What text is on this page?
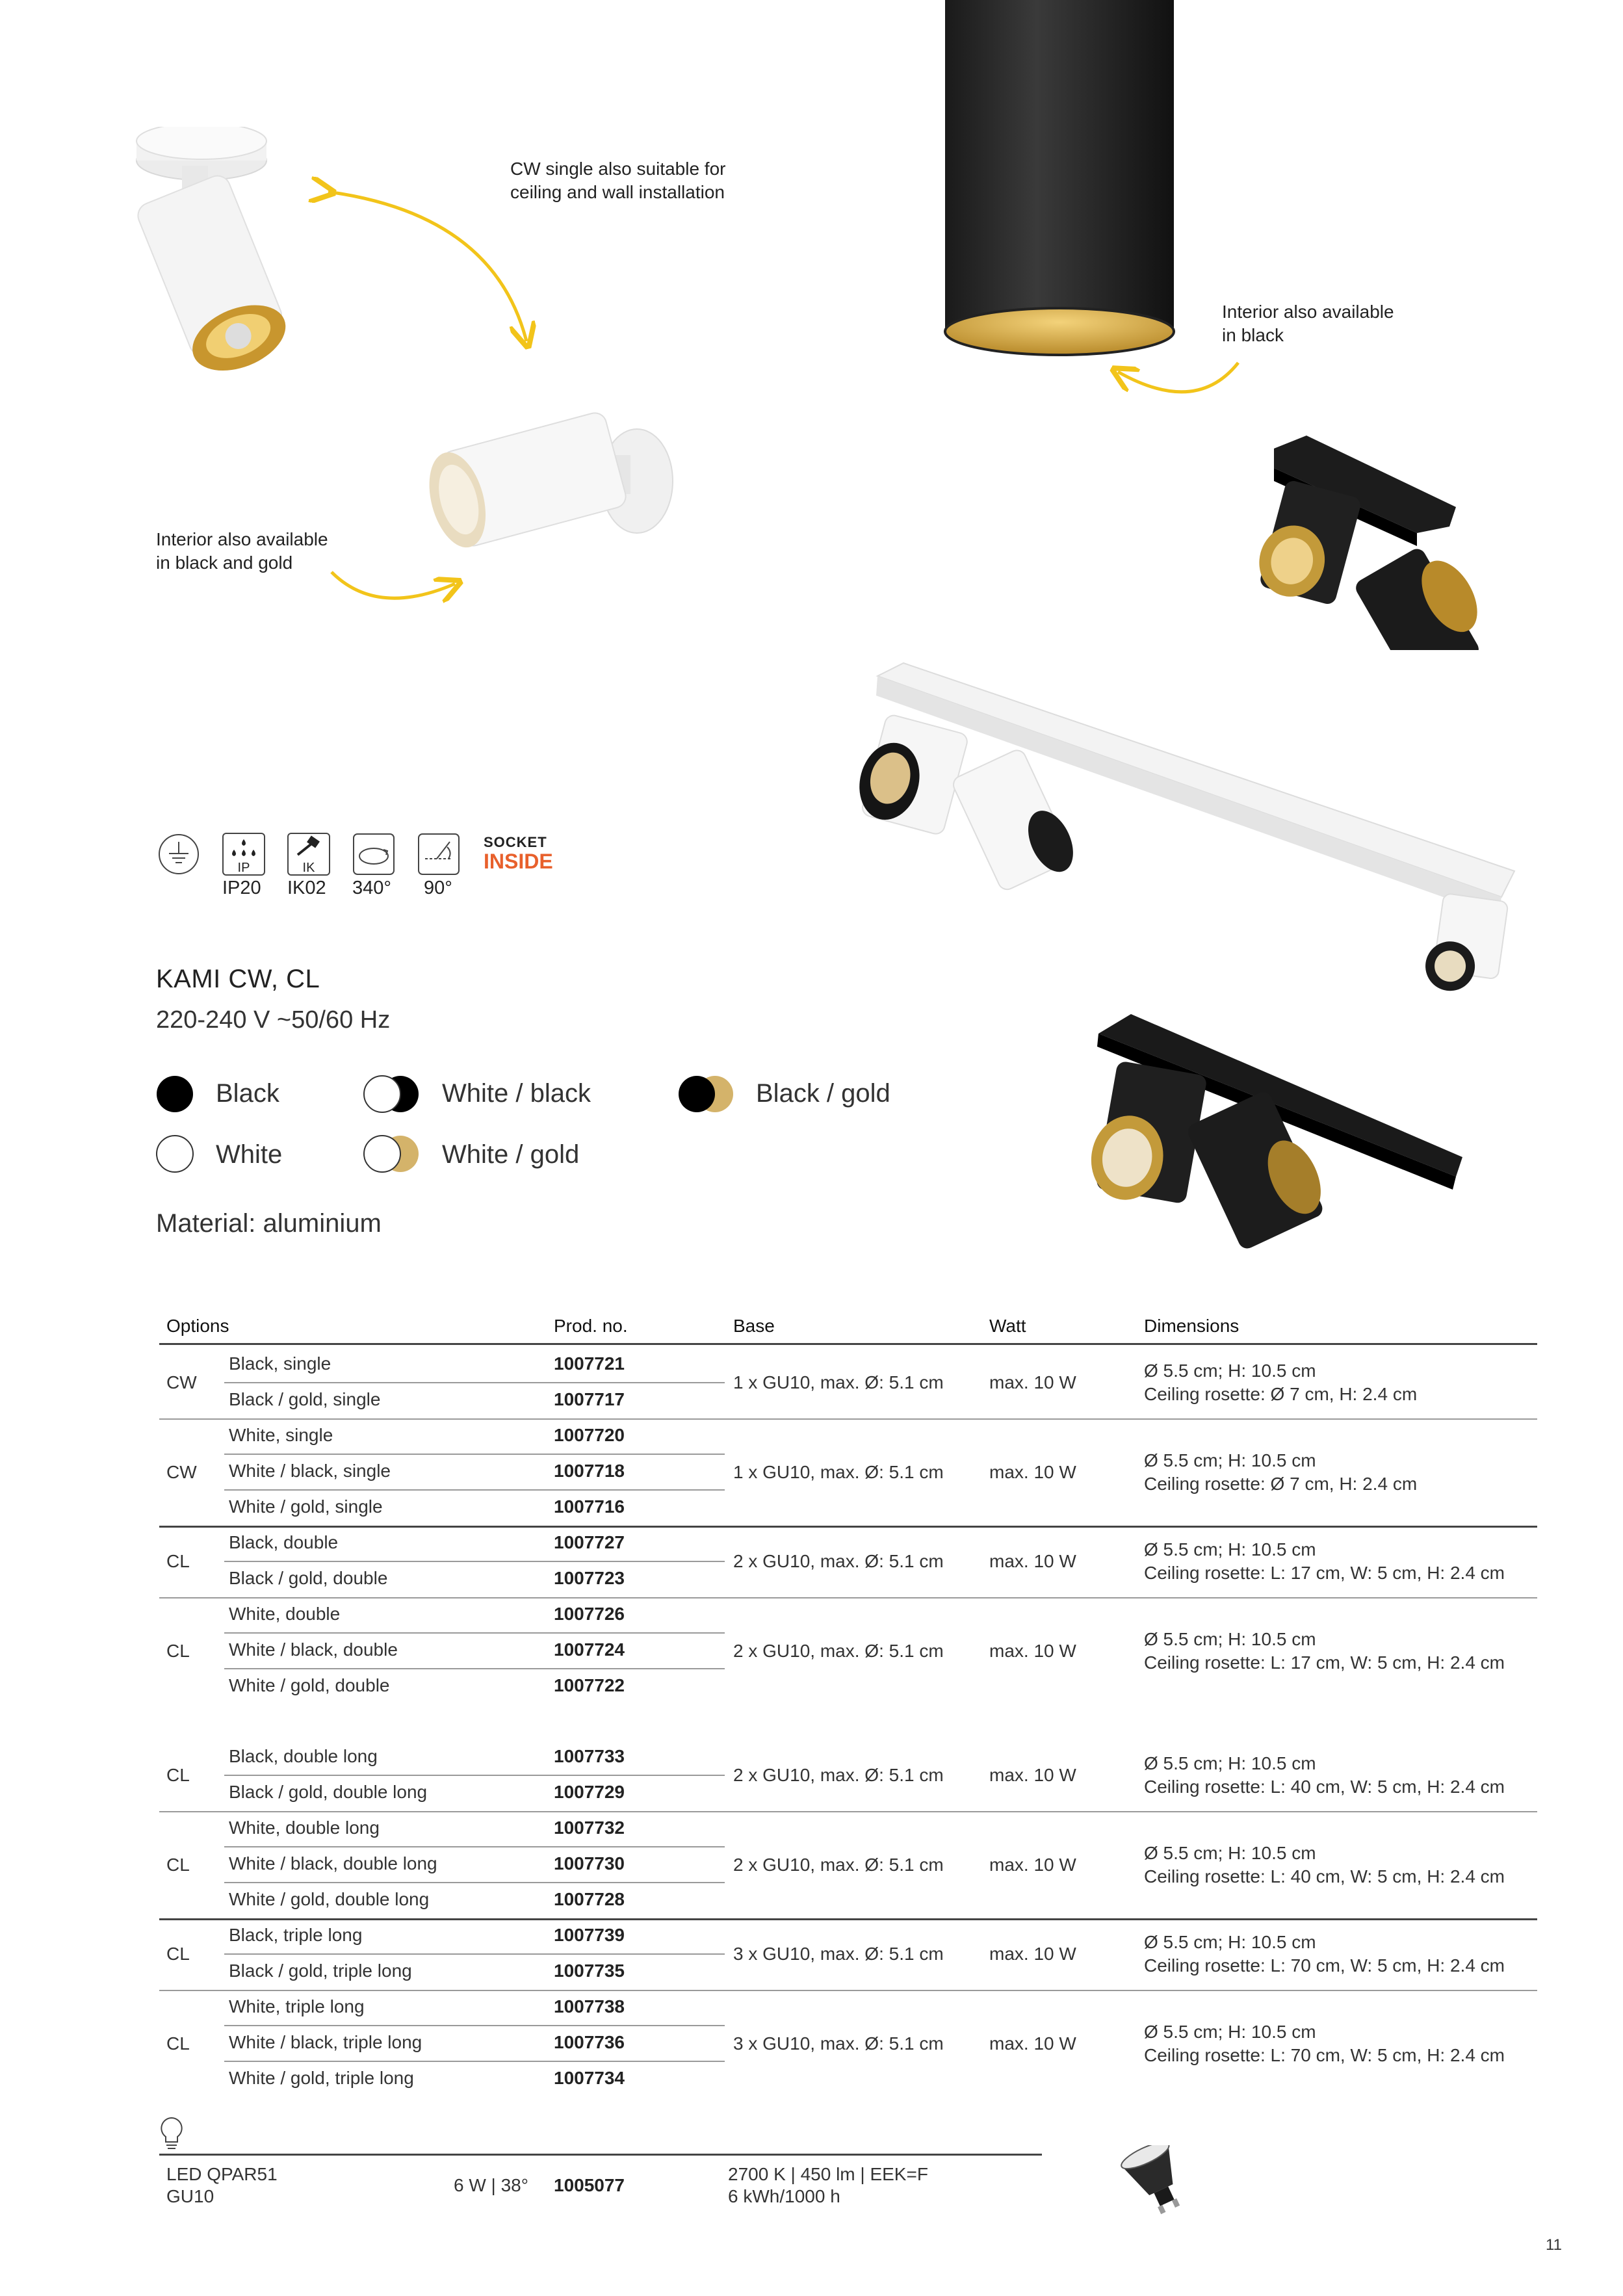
CW single also suitable for
ceiling and wall installation
Interior also available
in black
Interior also available
in black and gold
IP
IP20
IK
IK02 340° 90°
SOCKET
INSIDE
KAMI CW, CL
220-240 V ~50/60 Hz
Black	White / black	Black / gold
White	White / gold
Material: aluminium
Options	Prod. no.	Base	Watt	Dimensions
Black, single	1007721
Black / gold, single	1007717
CW	1 x GU10, max. Ø: 5.1 cm	max. 10 W
Ø 5.5 cm; H: 10.5 cm
Ceiling rosette: Ø 7 cm, H: 2.4 cm
White, single	1007720
White / black, single	1007718
White / gold, single	1007716
CW	1 x GU10, max. Ø: 5.1 cm	max. 10 W
Ø 5.5 cm; H: 10.5 cm
Ceiling rosette: Ø 7 cm, H: 2.4 cm
Black, double	1007727
Black / gold, double	1007723
CL	2 x GU10, max. Ø: 5.1 cm	max. 10 W
Ø 5.5 cm; H: 10.5 cm
Ceiling rosette: L: 17 cm, W: 5 cm, H: 2.4 cm
White, double	1007726
White / black, double	1007724
White / gold, double	1007722
CL	2 x GU10, max. Ø: 5.1 cm	max. 10 W
Ø 5.5 cm; H: 10.5 cm
Ceiling rosette: L: 17 cm, W: 5 cm, H: 2.4 cm
Black, double long	1007733
Black / gold, double long	1007729
CL	2 x GU10, max. Ø: 5.1 cm	max. 10 W
Ø 5.5 cm; H: 10.5 cm
Ceiling rosette: L: 40 cm, W: 5 cm, H: 2.4 cm
White, double long	1007732
White / black, double long	1007730
White / gold, double long	1007728
CL	2 x GU10, max. Ø: 5.1 cm	max. 10 W
Ø 5.5 cm; H: 10.5 cm
Ceiling rosette: L: 40 cm, W: 5 cm, H: 2.4 cm
Black, triple long	1007739
Black / gold, triple long	1007735
CL	3 x GU10, max. Ø: 5.1 cm	max. 10 W
Ø 5.5 cm; H: 10.5 cm
Ceiling rosette: L: 70 cm, W: 5 cm, H: 2.4 cm
White, triple long	1007738
White / black, triple long	1007736
White / gold, triple long	1007734
CL	3 x GU10, max. Ø: 5.1 cm	max. 10 W
Ø 5.5 cm; H: 10.5 cm
Ceiling rosette: L: 70 cm, W: 5 cm, H: 2.4 cm
LED QPAR51
GU10
6 W | 38° 1005077
2700 K | 450 lm | EEK=F
6 kWh/1000 h
11
